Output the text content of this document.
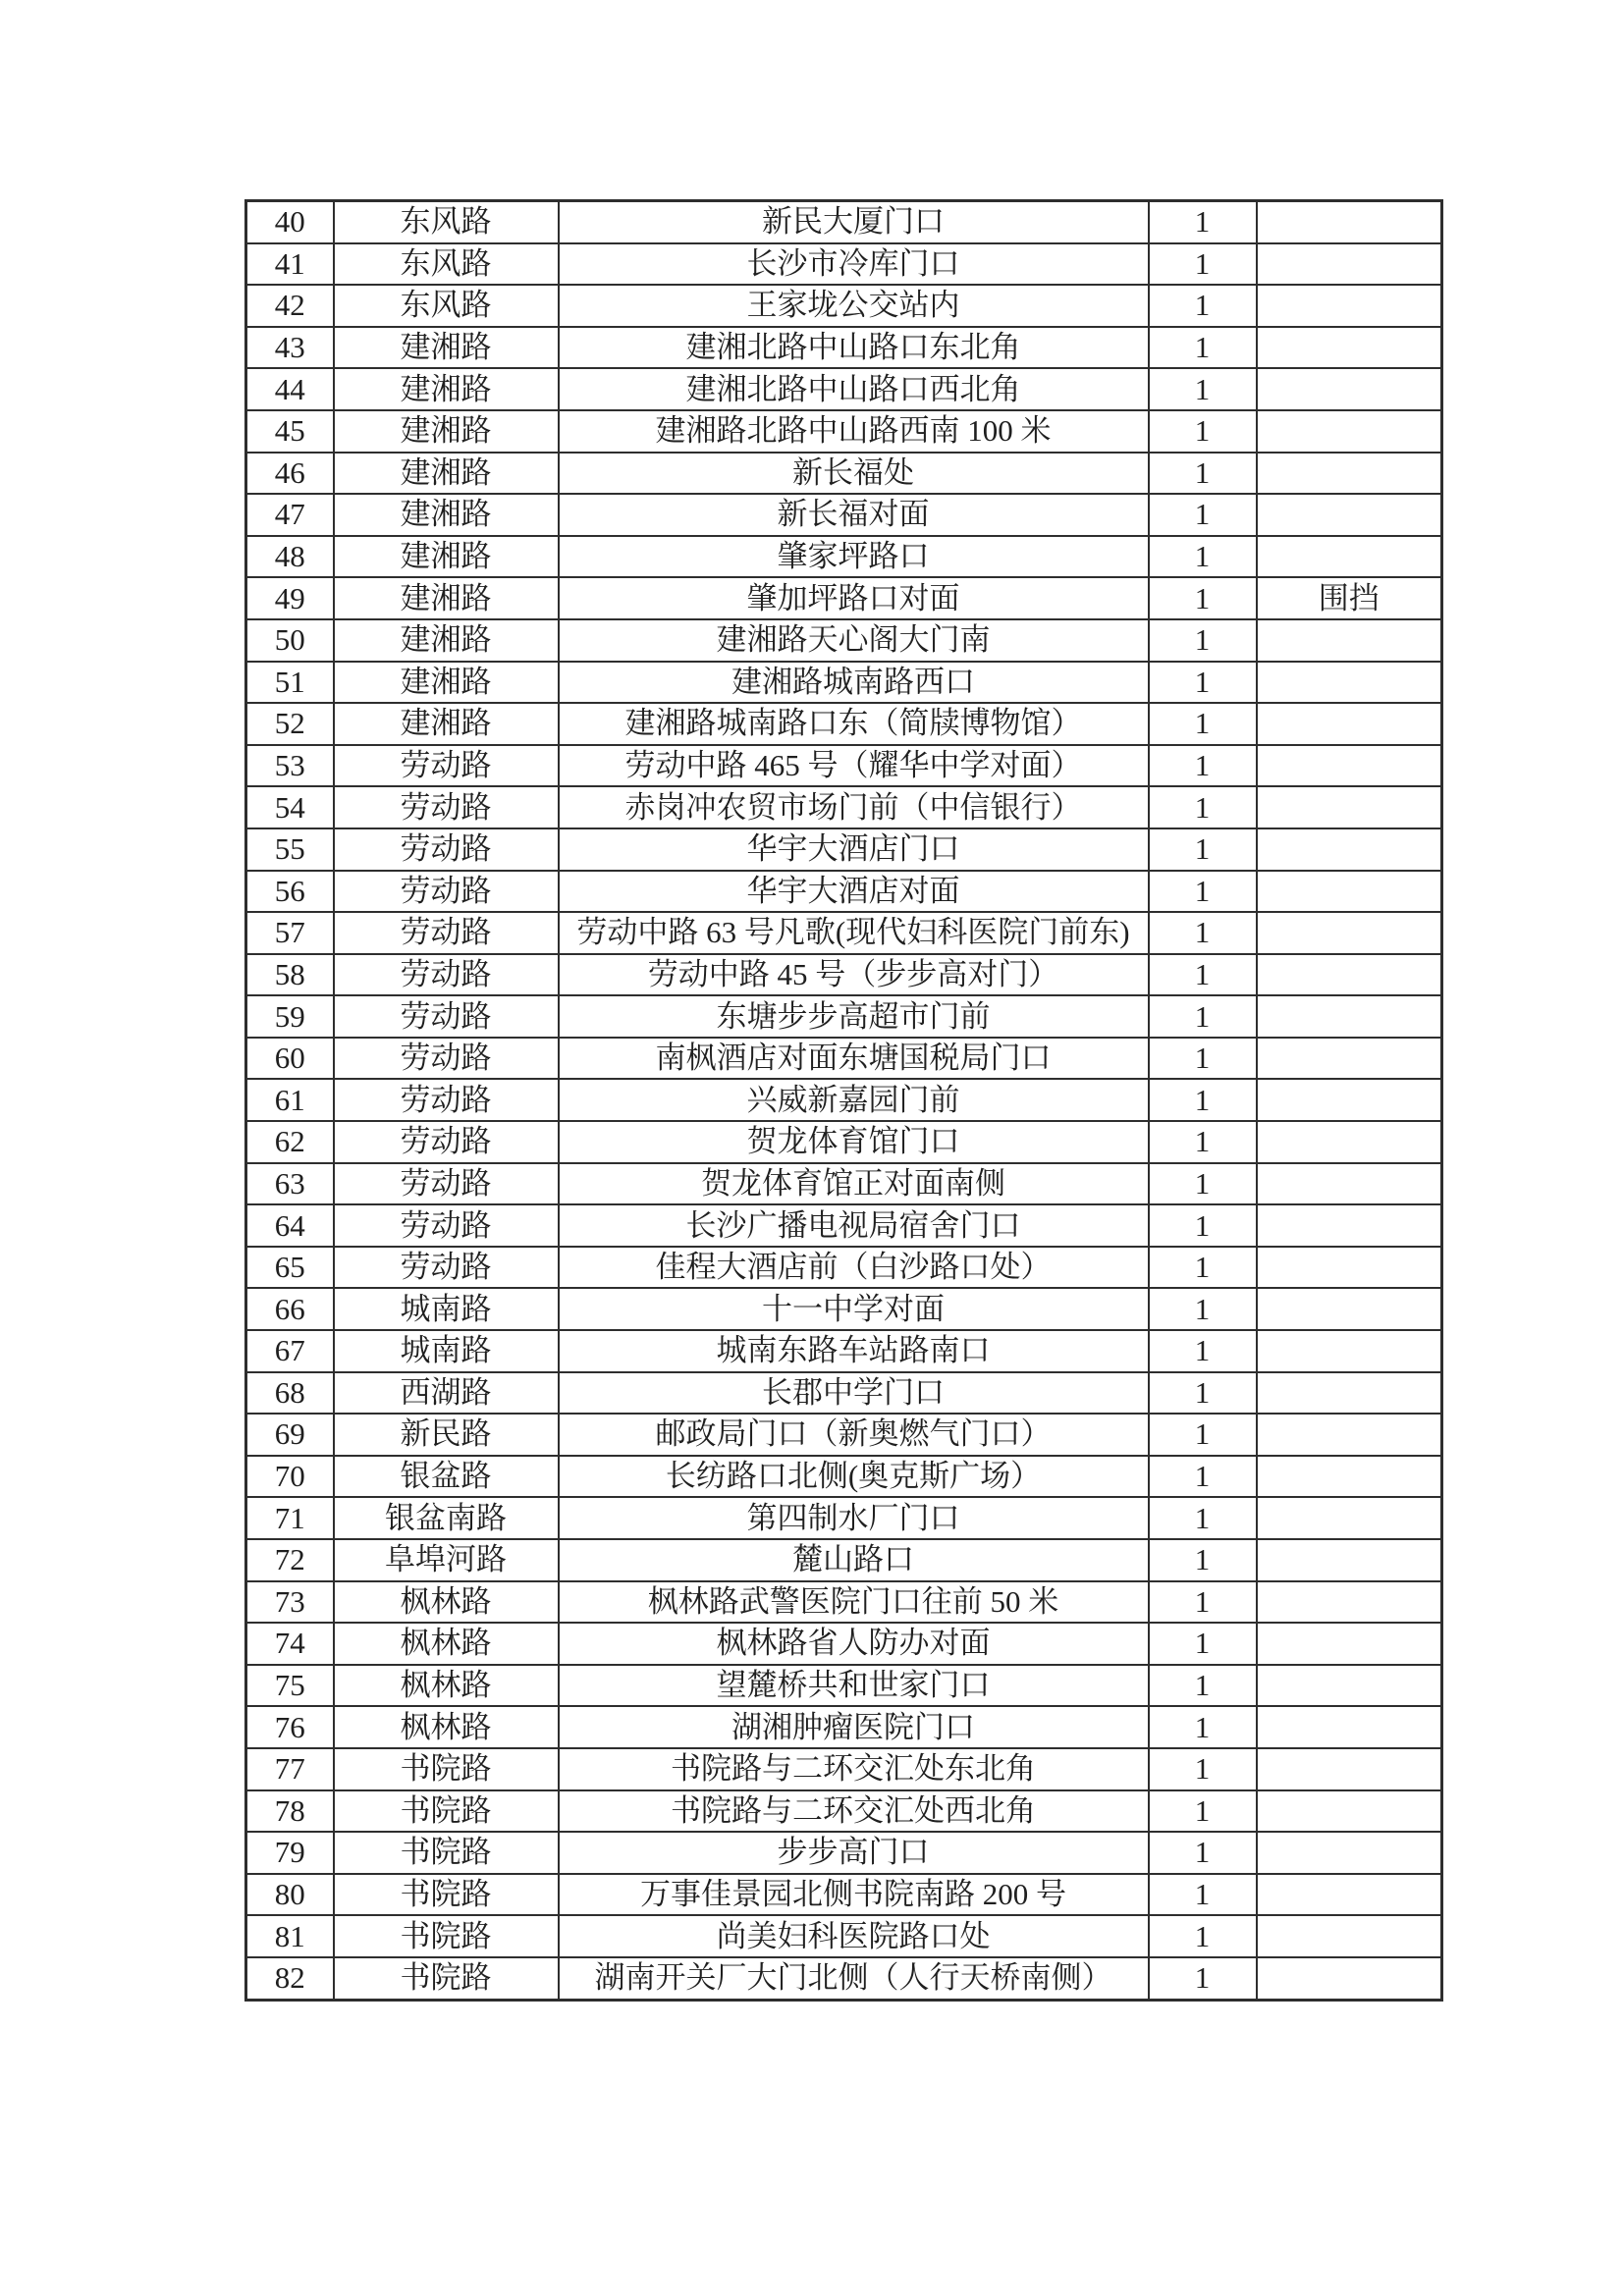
40	东风路	新民大厦门口	1	
41	东风路	长沙市冷库门口	1	
42	东风路	王家垅公交站内	1	
43	建湘路	建湘北路中山路口东北角	1	
44	建湘路	建湘北路中山路口西北角	1	
45	建湘路	建湘路北路中山路西南 100 米	1	
46	建湘路	新长福处	1	
47	建湘路	新长福对面	1	
48	建湘路	肇家坪路口	1	
49	建湘路	肇加坪路口对面	1	围挡
50	建湘路	建湘路天心阁大门南	1	
51	建湘路	建湘路城南路西口	1	
52	建湘路	建湘路城南路口东（简牍博物馆）	1	
53	劳动路	劳动中路 465 号（耀华中学对面）	1	
54	劳动路	赤岗冲农贸市场门前（中信银行）	1	
55	劳动路	华宇大酒店门口	1	
56	劳动路	华宇大酒店对面	1	
57	劳动路	劳动中路 63 号凡歌(现代妇科医院门前东)	1	
58	劳动路	劳动中路 45 号（步步高对门）	1	
59	劳动路	东塘步步高超市门前	1	
60	劳动路	南枫酒店对面东塘国税局门口	1	
61	劳动路	兴威新嘉园门前	1	
62	劳动路	贺龙体育馆门口	1	
63	劳动路	贺龙体育馆正对面南侧	1	
64	劳动路	长沙广播电视局宿舍门口	1	
65	劳动路	佳程大酒店前（白沙路口处）	1	
66	城南路	十一中学对面	1	
67	城南路	城南东路车站路南口	1	
68	西湖路	长郡中学门口	1	
69	新民路	邮政局门口（新奥燃气门口）	1	
70	银盆路	长纺路口北侧(奥克斯广场）	1	
71	银盆南路	第四制水厂门口	1	
72	阜埠河路	麓山路口	1	
73	枫林路	枫林路武警医院门口往前 50 米	1	
74	枫林路	枫林路省人防办对面	1	
75	枫林路	望麓桥共和世家门口	1	
76	枫林路	湖湘肿瘤医院门口	1	
77	书院路	书院路与二环交汇处东北角	1	
78	书院路	书院路与二环交汇处西北角	1	
79	书院路	步步高门口	1	
80	书院路	万事佳景园北侧书院南路 200 号	1	
81	书院路	尚美妇科医院路口处	1	
82	书院路	湖南开关厂大门北侧（人行天桥南侧）	1	
